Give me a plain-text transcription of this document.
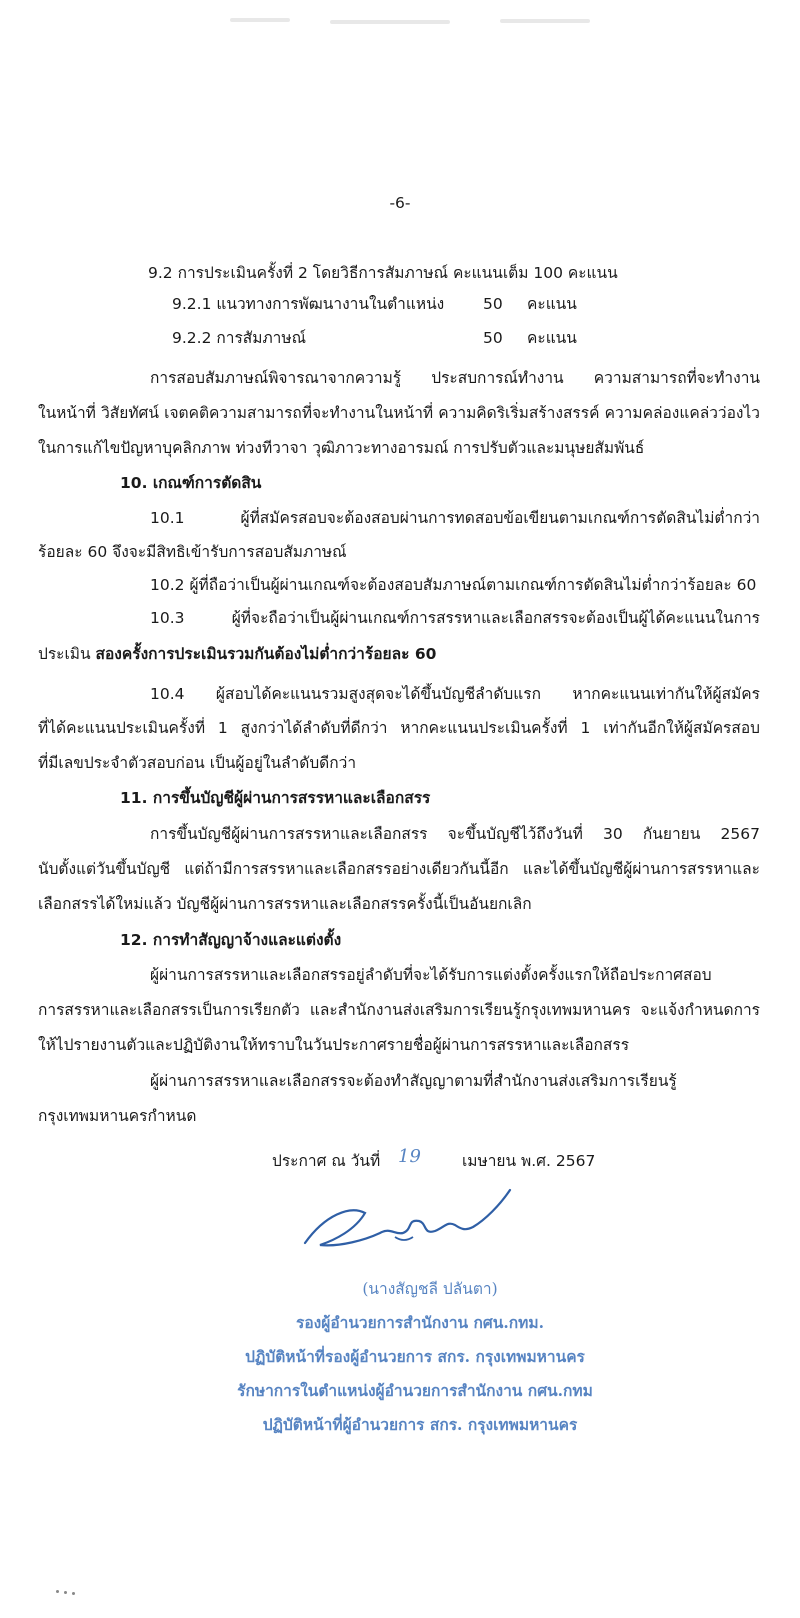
-6-
9.2 การประเมินครั้งที่ 2 โดยวิธีการสัมภาษณ์ คะแนนเต็ม 100 คะแนน
9.2.1 แนวทางการพัฒนางานในตำแหน่ง	50 คะแนน
9.2.2 การสัมภาษณ์	50 คะแนน
การสอบสัมภาษณ์พิจารณาจากความรู้ ประสบการณ์ทำงาน ความสามารถที่จะทำงาน
ในหน้าที่ วิสัยทัศน์ เจตคติความสามารถที่จะทำงานในหน้าที่ ความคิดริเริ่มสร้างสรรค์ ความคล่องแคล่วว่องไว
ในการแก้ไขปัญหาบุคลิกภาพ ท่วงทีวาจา วุฒิภาวะทางอารมณ์ การปรับตัวและมนุษยสัมพันธ์
10. เกณฑ์การตัดสิน
10.1 ผู้ที่สมัครสอบจะต้องสอบผ่านการทดสอบข้อเขียนตามเกณฑ์การตัดสินไม่ต่ำกว่า
ร้อยละ 60 จึงจะมีสิทธิเข้ารับการสอบสัมภาษณ์
10.2 ผู้ที่ถือว่าเป็นผู้ผ่านเกณฑ์จะต้องสอบสัมภาษณ์ตามเกณฑ์การตัดสินไม่ต่ำกว่าร้อยละ 60
10.3 ผู้ที่จะถือว่าเป็นผู้ผ่านเกณฑ์การสรรหาและเลือกสรรจะต้องเป็นผู้ได้คะแนนในการ
ประเมิน สองครั้งการประเมินรวมกันต้องไม่ต่ำกว่าร้อยละ 60
10.4 ผู้สอบได้คะแนนรวมสูงสุดจะได้ขึ้นบัญชีลำดับแรก หากคะแนนเท่ากันให้ผู้สมัคร
ที่ได้คะแนนประเมินครั้งที่ 1 สูงกว่าได้ลำดับที่ดีกว่า หากคะแนนประเมินครั้งที่ 1 เท่ากันอีกให้ผู้สมัครสอบ
ที่มีเลขประจำตัวสอบก่อน เป็นผู้อยู่ในลำดับดีกว่า
11. การขึ้นบัญชีผู้ผ่านการสรรหาและเลือกสรร
การขึ้นบัญชีผู้ผ่านการสรรหาและเลือกสรร จะขึ้นบัญชีไว้ถึงวันที่ 30 กันยายน 2567
นับตั้งแต่วันขึ้นบัญชี แต่ถ้ามีการสรรหาและเลือกสรรอย่างเดียวกันนี้อีก และได้ขึ้นบัญชีผู้ผ่านการสรรหาและ
เลือกสรรได้ใหม่แล้ว บัญชีผู้ผ่านการสรรหาและเลือกสรรครั้งนี้เป็นอันยกเลิก
12. การทำสัญญาจ้างและแต่งตั้ง
ผู้ผ่านการสรรหาและเลือกสรรอยู่ลำดับที่จะได้รับการแต่งตั้งครั้งแรกให้ถือประกาศสอบ
การสรรหาและเลือกสรรเป็นการเรียกตัว และสำนักงานส่งเสริมการเรียนรู้กรุงเทพมหานคร จะแจ้งกำหนดการ
ให้ไปรายงานตัวและปฏิบัติงานให้ทราบในวันประกาศรายชื่อผู้ผ่านการสรรหาและเลือกสรร
ผู้ผ่านการสรรหาและเลือกสรรจะต้องทำสัญญาตามที่สำนักงานส่งเสริมการเรียนรู้
กรุงเทพมหานครกำหนด
ประกาศ ณ วันที่ 19	เมษายน พ.ศ. 2567
(นางสัญชลี ปลันตา)
รองผู้อำนวยการสำนักงาน กศน.กทม.
ปฏิบัติหน้าที่รองผู้อำนวยการ สกร. กรุงเทพมหานคร
รักษาการในตำแหน่งผู้อำนวยการสำนักงาน กศน.กทม
ปฏิบัติหน้าที่ผู้อำนวยการ สกร. กรุงเทพมหานคร
